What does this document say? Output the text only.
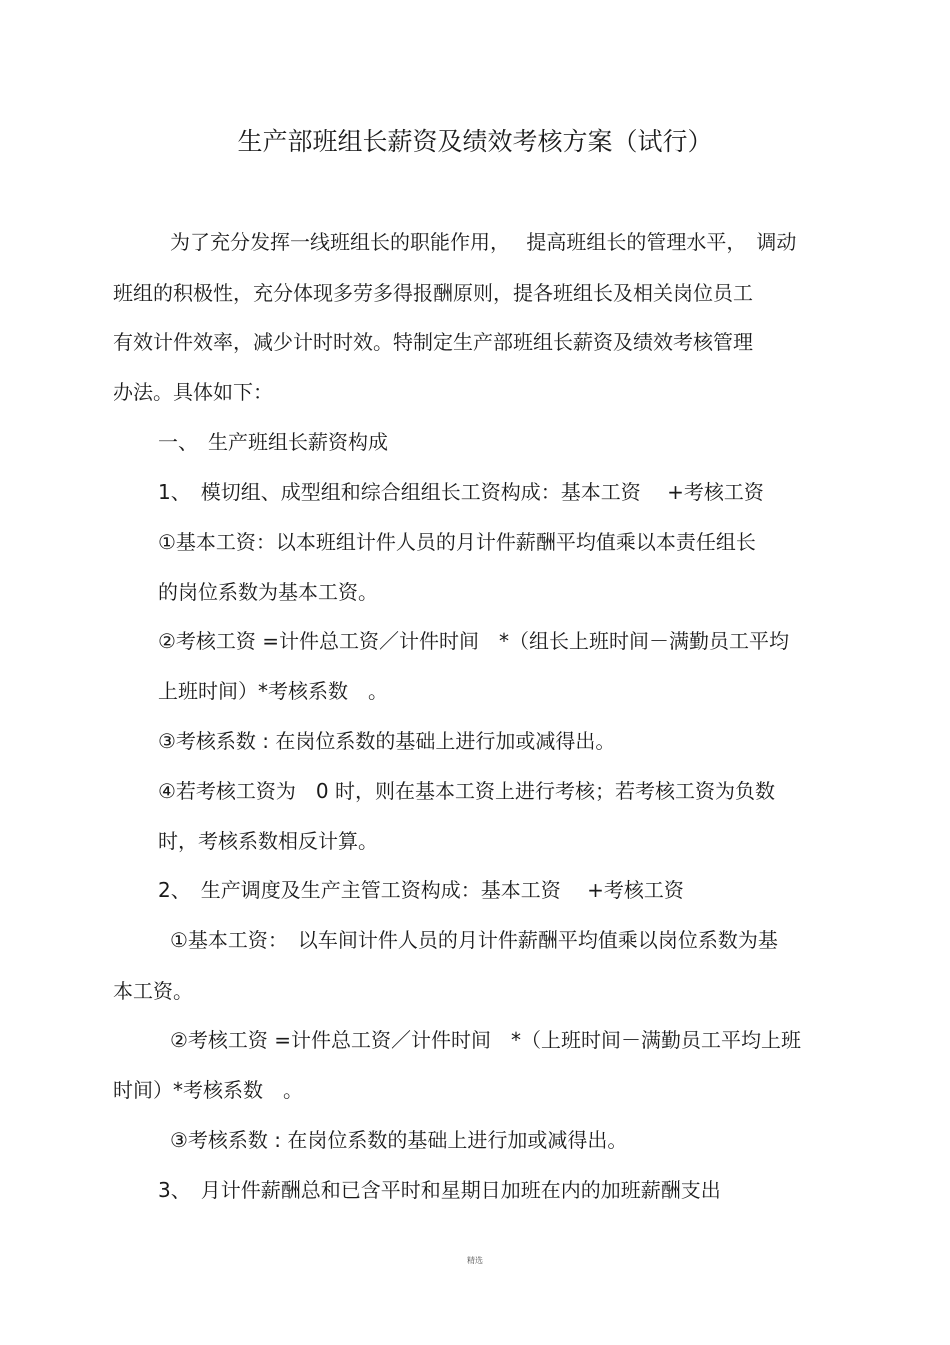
生产部班组长薪资及绩效考核方案（试行）
为了充分发挥一线班组长的职能作用，　 提高班组长的管理水平，　调动
班组的积极性，充分体现多劳多得报酬原则，提各班组长及相关岗位员工
有效计件效率，减少计时时效。特制定生产部班组长薪资及绩效考核管理
办法。具体如下：
一、　生产班组长薪资构成
1、　模切组、成型组和综合组组长工资构成：基本工资　 +考核工资
①基本工资：以本班组计件人员的月计件薪酬平均值乘以本责任组长
的岗位系数为基本工资。
②考核工资 =计件总工资／计件时间　*（组长上班时间－满勤员工平均
上班时间）*考核系数　。
③考核系数 : 在岗位系数的基础上进行加或减得出。
④若考核工资为　0 时，则在基本工资上进行考核；若考核工资为负数
时，考核系数相反计算。
2、　生产调度及生产主管工资构成：基本工资　 +考核工资
①基本工资：　以车间计件人员的月计件薪酬平均值乘以岗位系数为基
本工资。
②考核工资 =计件总工资／计件时间　*（上班时间－满勤员工平均上班
时间）*考核系数　。
③考核系数 : 在岗位系数的基础上进行加或减得出。
3、　月计件薪酬总和已含平时和星期日加班在内的加班薪酬支出
精选
